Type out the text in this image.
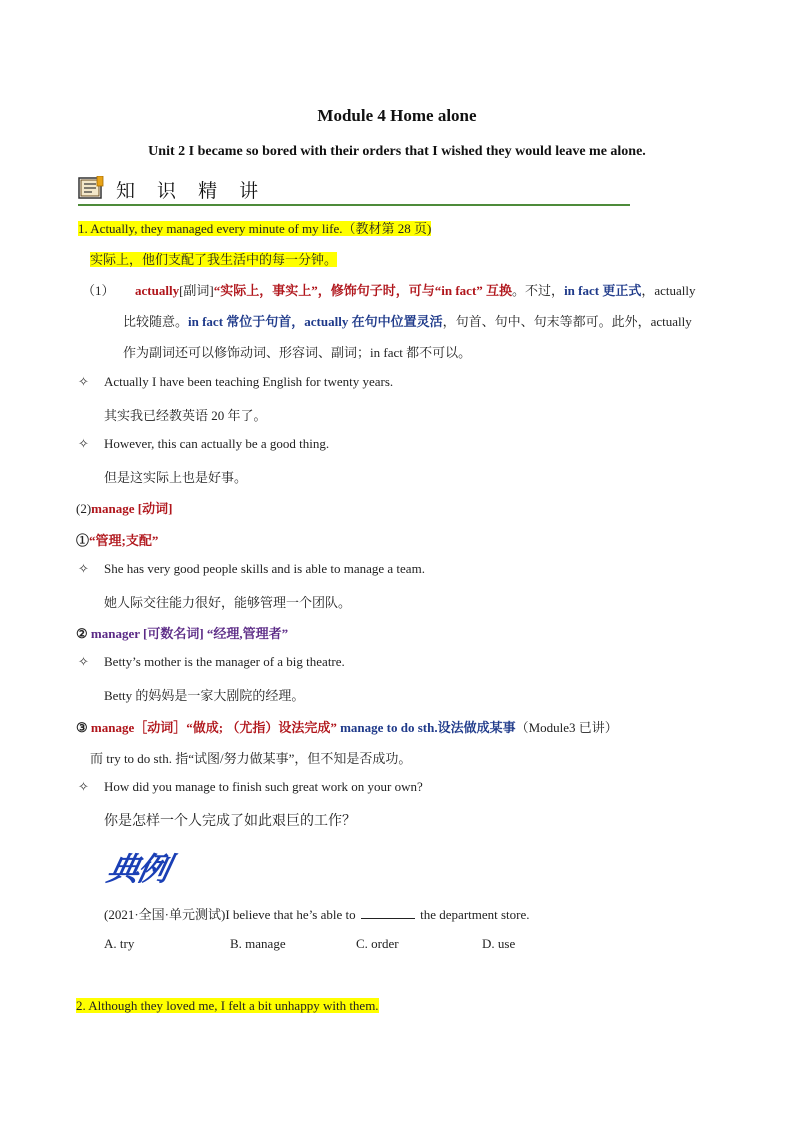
Module 4 Home alone
Unit 2 I became so bored with their orders that I wished they would leave me alone.
知 识 精 讲
1. Actually, they managed every minute of my life.（教材第 28 页)
实际上，他们支配了我生活中的每一分钟。
（1） actually[副词]“实际上，事实上”，修饰句子时，可与“in fact” 互换。不过，in fact 更正式，actually
比较随意。in fact 常位于句首，actually 在句中位置灵活，句首、句中、句末等都可。此外，actually
作为副词还可以修饰动词、形容词、副词；in fact 都不可以。
✧ Actually I have been teaching English for twenty years.
其实我已经教英语 20 年了。
✧ However, this can actually be a good thing.
但是这实际上也是好事。
(2)manage [动词]
①“管理;支配”
✧ She has very good people skills and is able to manage a team.
她人际交往能力很好，能够管理一个团队。
② manager [可数名词] “经理,管理者”
✧ Betty’s mother is the manager of a big theatre.
Betty 的妈妈是一家大剧院的经理。
③ manage［动词］“做成; （尤指）设法完成” manage to do sth.设法做成某事（Module3 已讲）
而 try to do sth. 指“试图/努力做某事”，但不知是否成功。
✧ How did you manage to finish such great work on your own?
你是怎样一个人完成了如此艰巨的工作？
典例
(2021·全国·单元测试)I believe that he’s able to	the department store.
A. try	B. manage	C. order	D. use
2. Although they loved me, I felt a bit unhappy with them.
